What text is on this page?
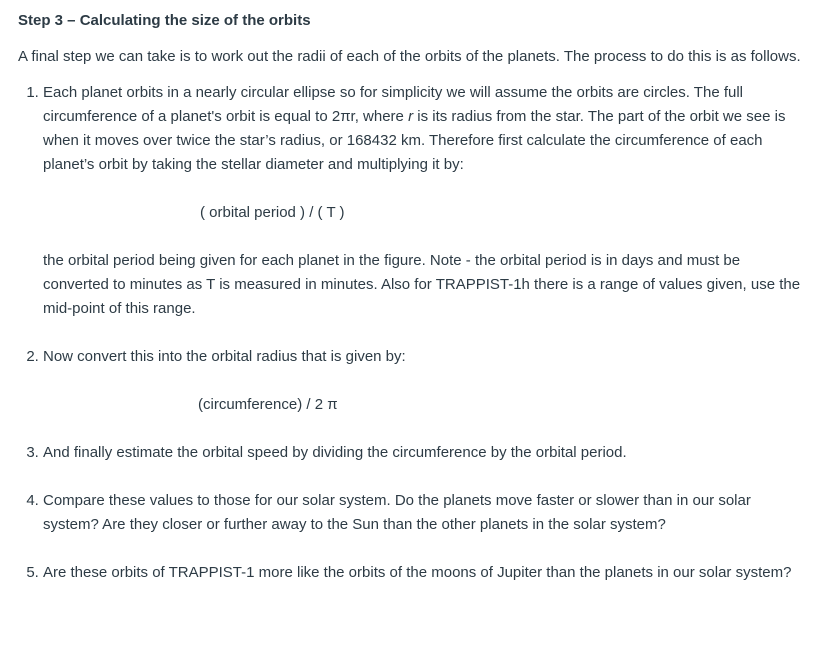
Step 3 – Calculating the size of the orbits

A final step we can take is to work out the radii of each of the orbits of the planets. The process to do this is as follows.

1. Each planet orbits in a nearly circular ellipse so for simplicity we will assume the orbits are circles. The full circumference of a planet's orbit is equal to 2πr, where r is its radius from the star. The part of the orbit we see is when it moves over twice the star’s radius, or 168432 km. Therefore first calculate the circumference of each planet’s orbit by taking the stellar diameter and multiplying it by:
( orbital period ) / ( T )
the orbital period being given for each planet in the figure. Note - the orbital period is in days and must be converted to minutes as T is measured in minutes. Also for TRAPPIST-1h there is a range of values given, use the mid-point of this range.
2. Now convert this into the orbital radius that is given by:
(circumference) / 2 π
3. And finally estimate the orbital speed by dividing the circumference by the orbital period.
4. Compare these values to those for our solar system. Do the planets move faster or slower than in our solar system? Are they closer or further away to the Sun than the other planets in the solar system?
5. Are these orbits of TRAPPIST-1 more like the orbits of the moons of Jupiter than the planets in our solar system?
